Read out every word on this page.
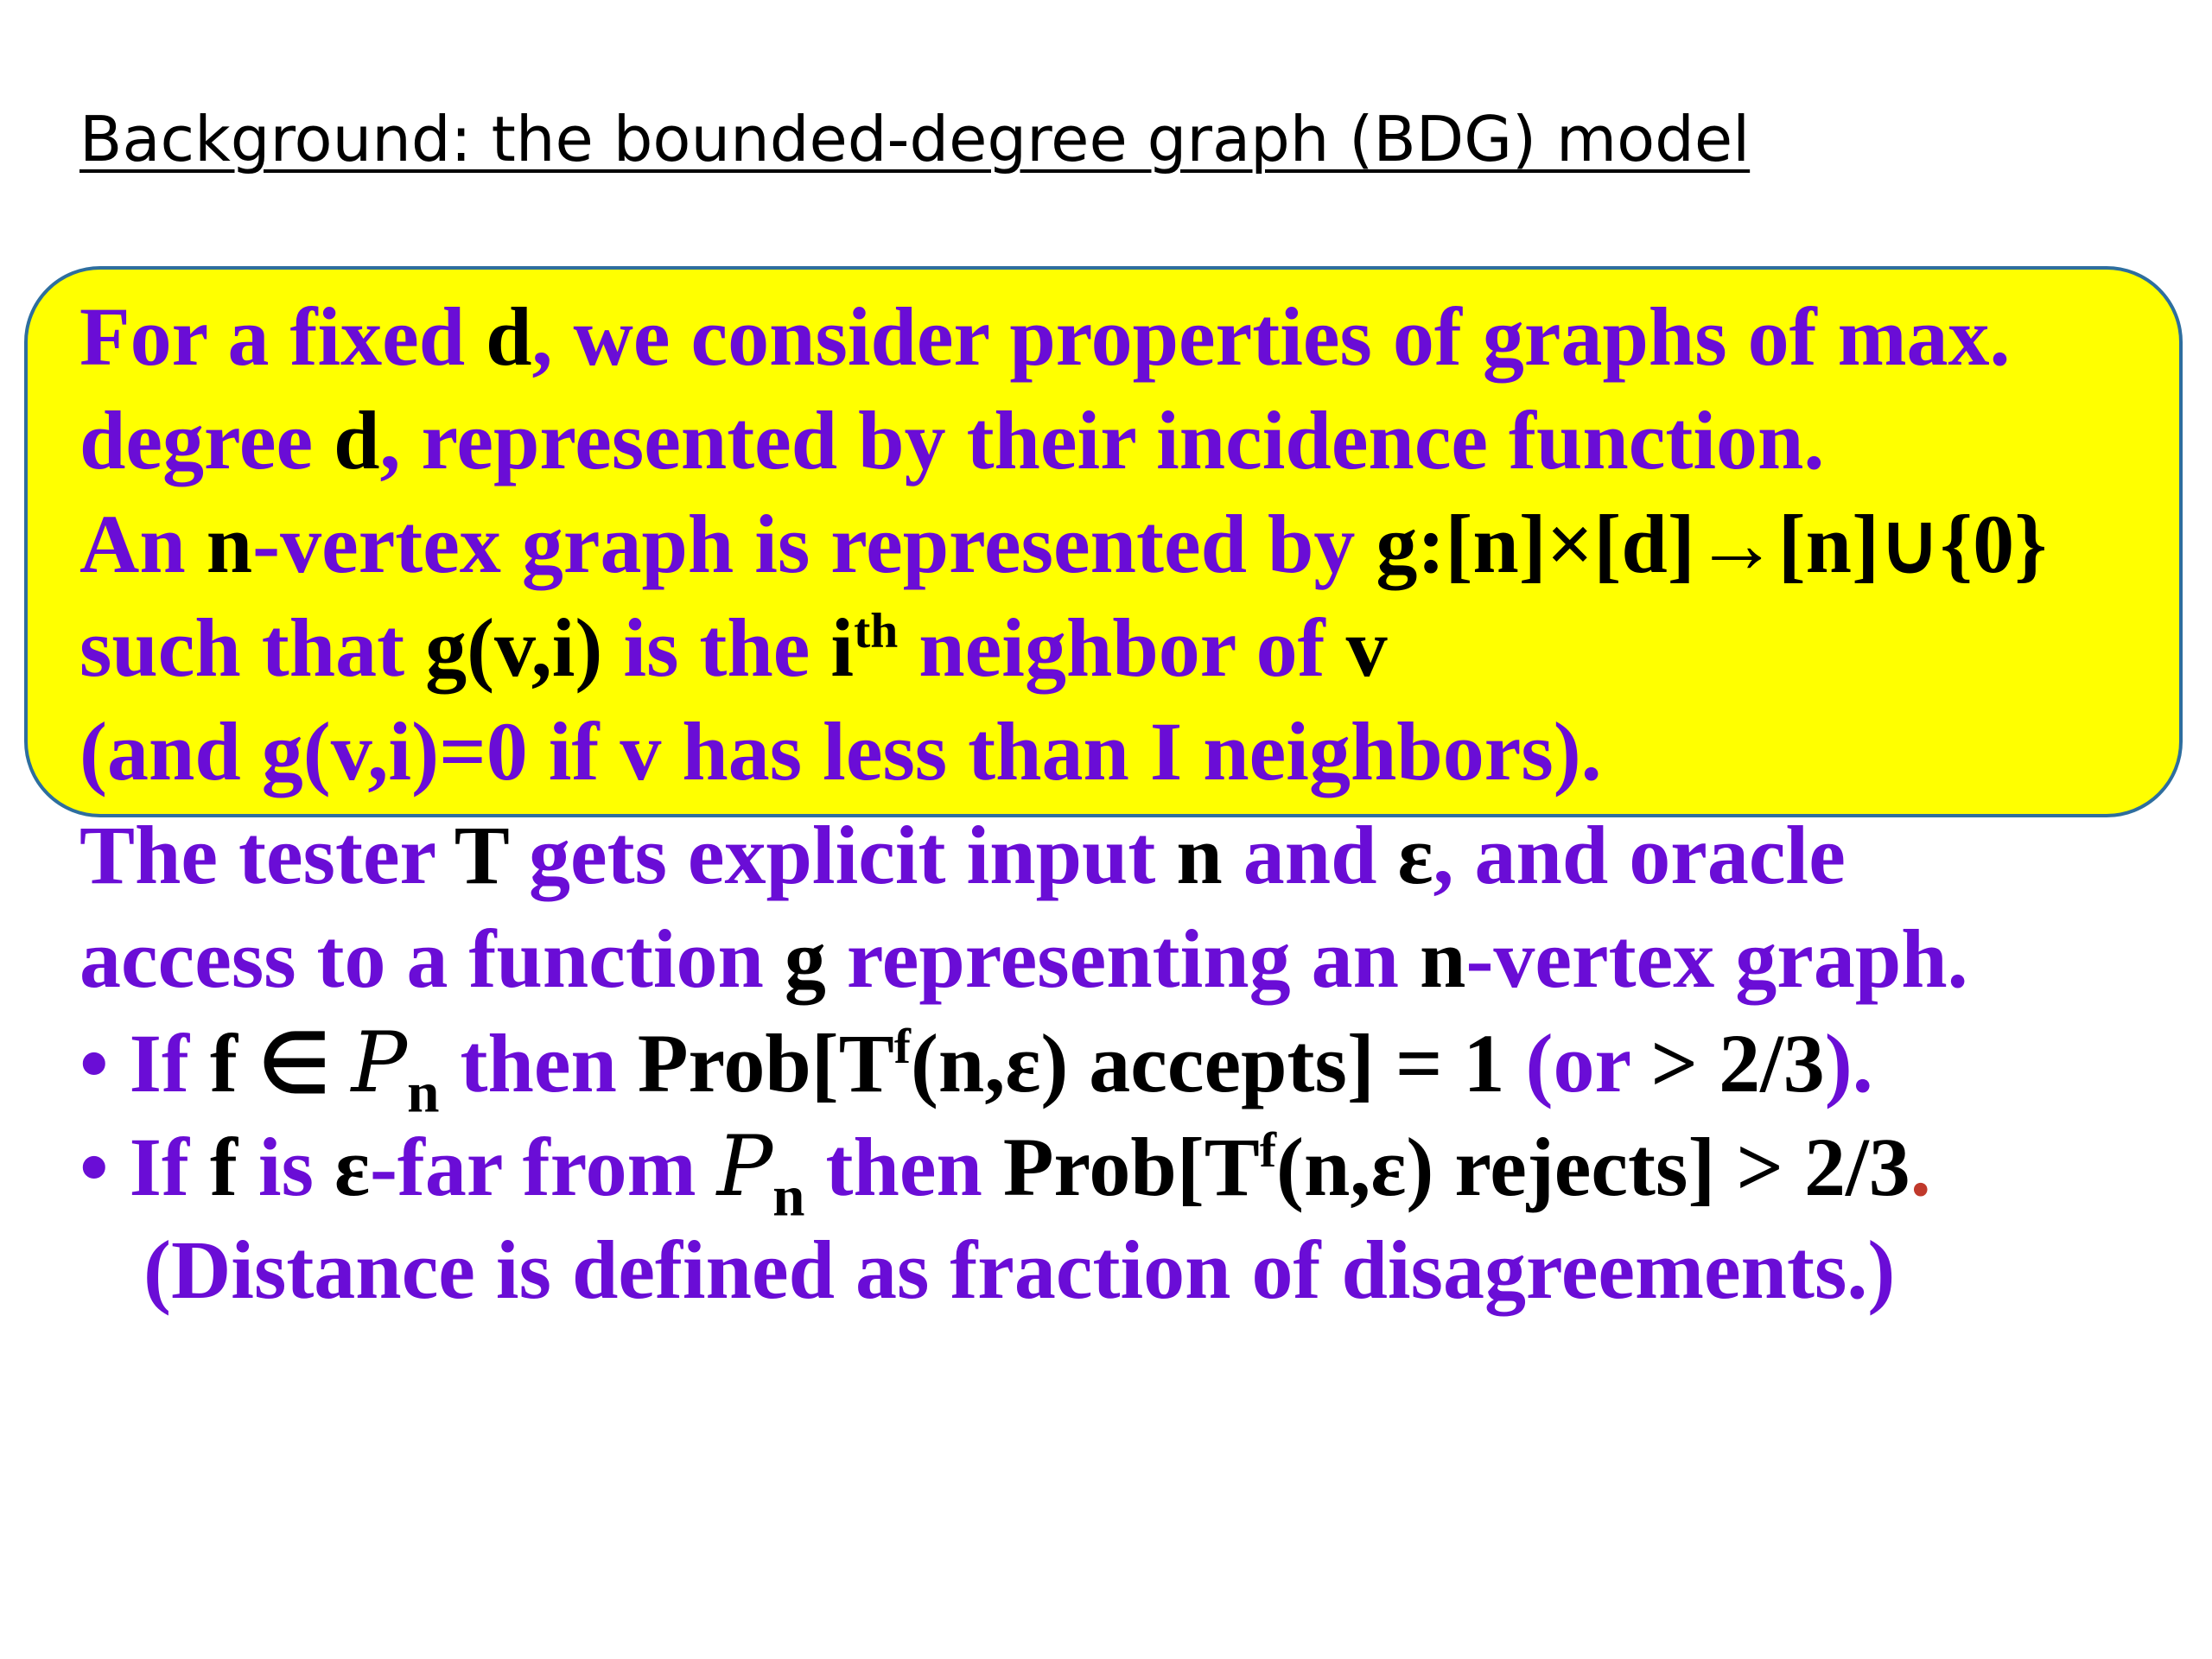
Background: the bounded-degree graph (BDG) model
For a fixed d, we consider properties of graphs of max.
degree d, represented by their incidence function.
An n-vertex graph is represented by g:[n]×[d]→[n]∪{0}
such that g(v,i) is the $i^{th}$ neighbor of v
(and g(v,i)=0 if v has less than I neighbors).
The tester T gets explicit input n and ε, and oracle
access to a function g representing an n-vertex graph.
• If f ∈ $P_n$ then $Prob[T^f(n,\varepsilon)$ accepts] = 1 (or > 2/3).
• If f is ε-far from $P_n$ then $Prob[T^f(n,\varepsilon)$ rejects] > 2/3.
(Distance is defined as fraction of disagreements.)
